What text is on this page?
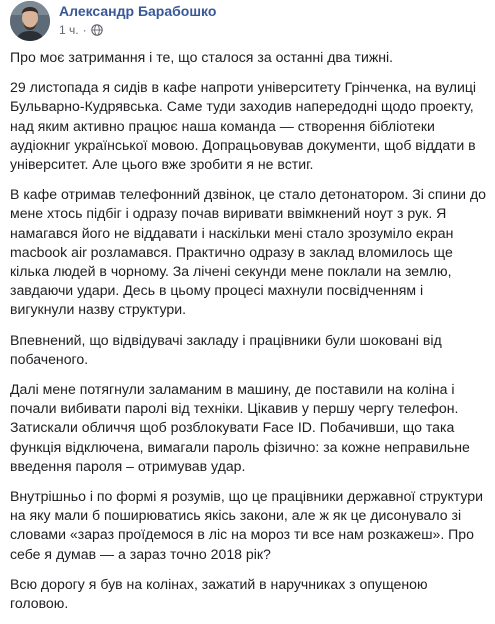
Александр Барабошко
1 ч. ·

Про моє затримання і те, що сталося за останні два тижні.

29 листопада я сидів в кафе напроти університету Грінченка, на вулиці
Бульварно-Кудрявська. Саме туди заходив напередодні щодо проекту,
над яким активно працює наша команда — створення бібліотеки
аудіокниг української мовою. Допрацьовував документи, щоб віддати в
університет. Але цього вже зробити я не встиг.

В кафе отримав телефонний дзвінок, це стало детонатором. Зі спини до
мене хтось підбіг і одразу почав виривати ввімкнений ноут з рук. Я
намагався його не віддавати і наскільки мені стало зрозуміло екран
macbook air розламався. Практично одразу в заклад вломилось ще
кілька людей в чорному. За лічені секунди мене поклали на землю,
завдаючи удари. Десь в цьому процесі махнули посвідченням і
вигукнули назву структури.

Впевнений, що відвідувачі закладу і працівники були шоковані від
побаченого.

Далі мене потягнули заламаним в машину, де поставили на коліна і
почали вибивати паролі від техніки. Цікавив у першу чергу телефон.
Затискали обличчя щоб розблокувати Face ID. Побачивши, що така
функція відключена, вимагали пароль фізично: за кожне неправильне
введення пароля – отримував удар.

Внутрішньо і по формі я розумів, що це працівники державної структури
на яку мали б поширюватись якісь закони, але ж як це дисонувало зі
словами «зараз проїдемося в ліс на мороз ти все нам розкажеш». Про
себе я думав — а зараз точно 2018 рік?

Всю дорогу я був на колінах, зажатий в наручниках з опущеною
головою.
